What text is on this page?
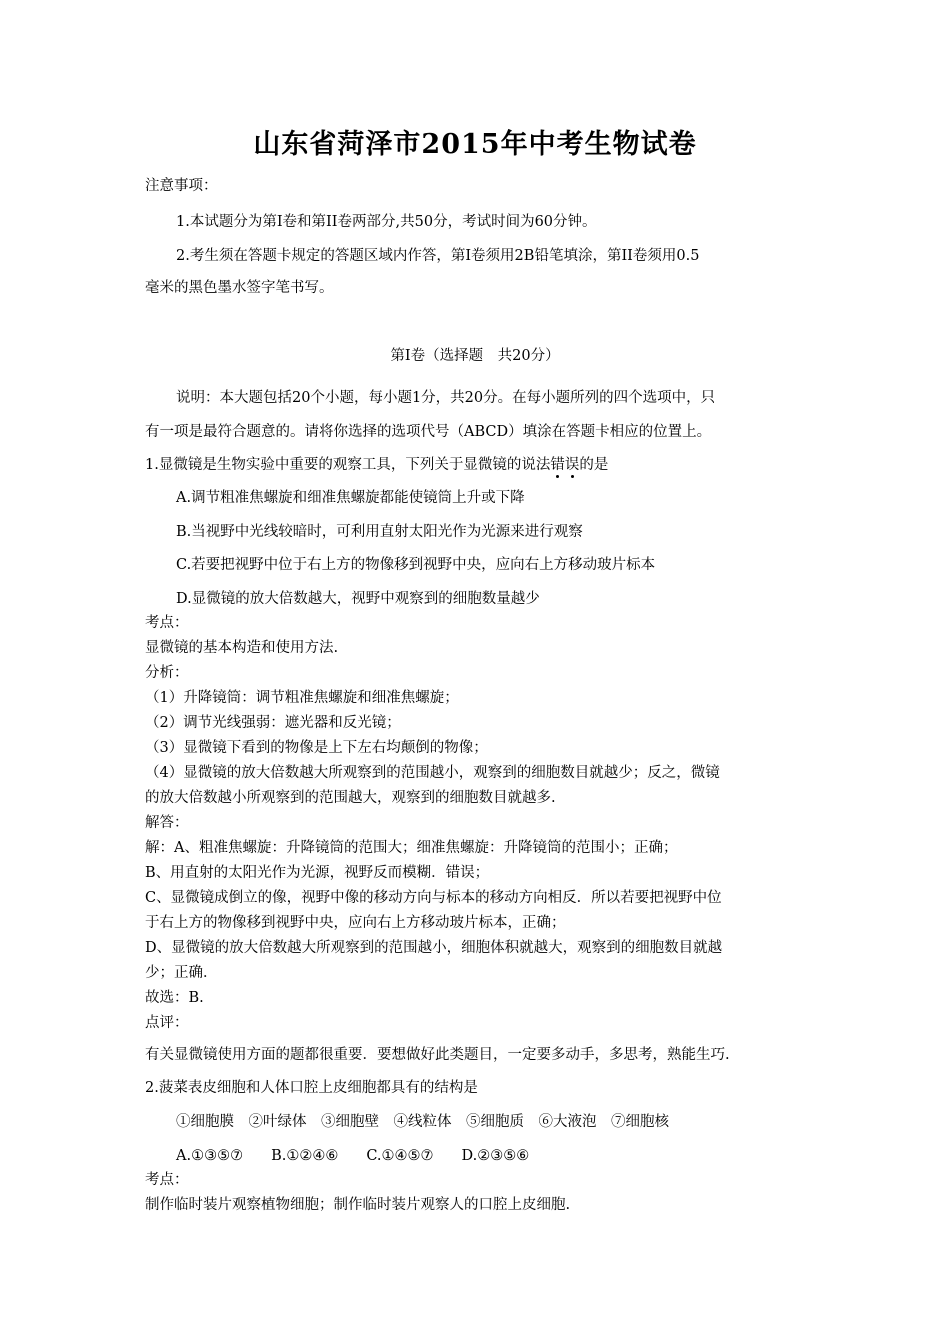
山东省菏泽市2015年中考生物试卷
注意事项：
1.本试题分为第Ⅰ卷和第II卷两部分,共50分，考试时间为60分钟。
2.考生须在答题卡规定的答题区域内作答，第Ⅰ卷须用2B铅笔填涂，第II卷须用0.5
毫米的黑色墨水签字笔书写。
第Ⅰ卷（选择题　共20分）
说明：本大题包括20个小题，每小题1分，共20分。在每小题所列的四个选项中，只
有一项是最符合题意的。请将你选择的选项代号（ABCD）填涂在答题卡相应的位置上。
1.显微镜是生物实验中重要的观察工具，下列关于显微镜的说法错误的是
A.调节粗准焦螺旋和细准焦螺旋都能使镜筒上升或下降
B.当视野中光线较暗时，可利用直射太阳光作为光源来进行观察
C.若要把视野中位于右上方的物像移到视野中央，应向右上方移动玻片标本
D.显微镜的放大倍数越大，视野中观察到的细胞数量越少
考点：
显微镜的基本构造和使用方法.
分析：
（1）升降镜筒：调节粗准焦螺旋和细准焦螺旋；
（2）调节光线强弱：遮光器和反光镜；
（3）显微镜下看到的物像是上下左右均颠倒的物像；
（4）显微镜的放大倍数越大所观察到的范围越小，观察到的细胞数目就越少；反之，微镜
的放大倍数越小所观察到的范围越大，观察到的细胞数目就越多.
解答：
解：A、粗准焦螺旋：升降镜筒的范围大；细准焦螺旋：升降镜筒的范围小；正确；
B、用直射的太阳光作为光源，视野反而模糊．错误；
C、显微镜成倒立的像，视野中像的移动方向与标本的移动方向相反．所以若要把视野中位
于右上方的物像移到视野中央，应向右上方移动玻片标本，正确；
D、显微镜的放大倍数越大所观察到的范围越小，细胞体积就越大，观察到的细胞数目就越
少；正确．
故选：B.
点评：
有关显微镜使用方面的题都很重要．要想做好此类题目，一定要多动手，多思考，熟能生巧.
2.菠菜表皮细胞和人体口腔上皮细胞都具有的结构是
①细胞膜　②叶绿体　③细胞壁　④线粒体　⑤细胞质　⑥大液泡　⑦细胞核
A.①③⑤⑦ B.①②④⑥ C.①④⑤⑦ D.②③⑤⑥
考点：
制作临时装片观察植物细胞；制作临时装片观察人的口腔上皮细胞.
